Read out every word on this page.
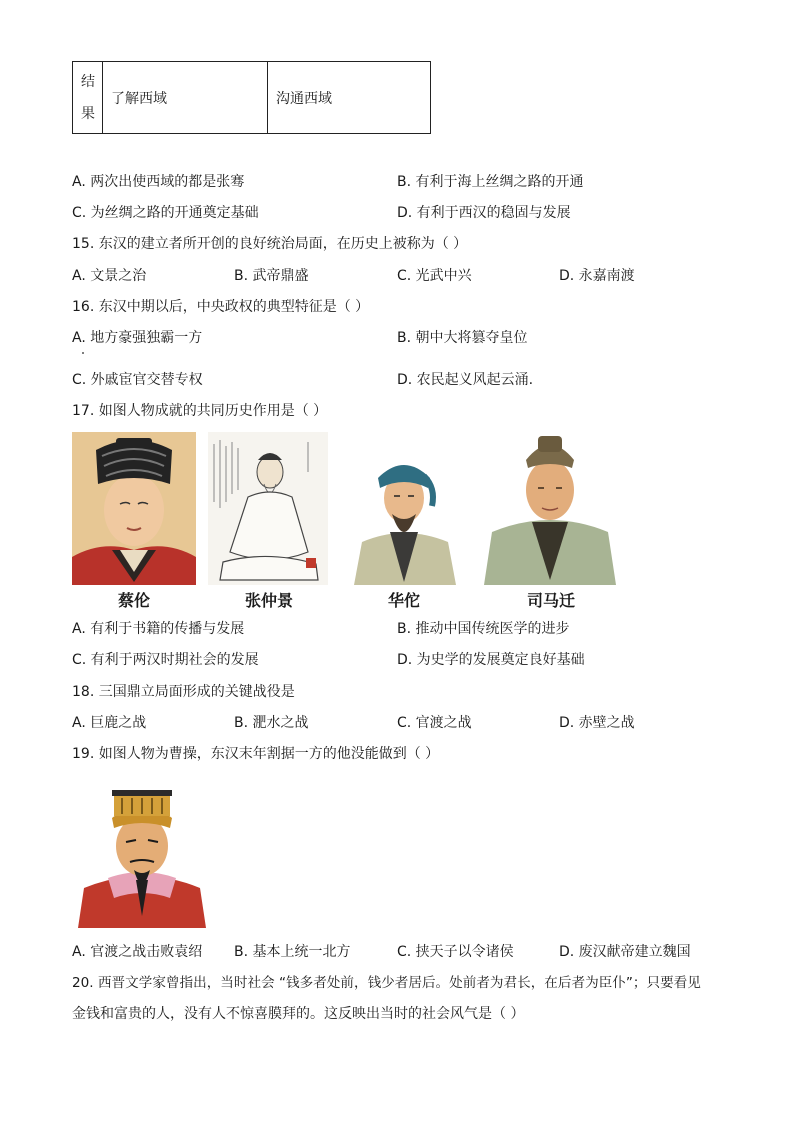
结
果
了解西域	沟通西域
A. 两次出使西域的都是张骞	B. 有利于海上丝绸之路的开通
C. 为丝绸之路的开通奠定基础	D. 有利于西汉的稳固与发展
15. 东汉的建立者所开创的良好统治局面，在历史上被称为（ ）
A. 文景之治	B. 武帝鼎盛	C. 光武中兴	D. 永嘉南渡
16. 东汉中期以后，中央政权的典型特征是（ ）
A. 地方豪强独霸一方	B. 朝中大将篡夺皇位
C. 外戚宦官交替专权	D. 农民起义风起云涌.
17. 如图人物成就的共同历史作用是（ ）
蔡伦	张仲景	华佗	司马迁
A. 有利于书籍的传播与发展	B. 推动中国传统医学的进步
C. 有利于两汉时期社会的发展	D. 为史学的发展奠定良好基础
18. 三国鼎立局面形成的关键战役是
A. 巨鹿之战	B. 淝水之战	C. 官渡之战	D. 赤壁之战
19. 如图人物为曹操，东汉末年割据一方的他没能做到（ ）
A. 官渡之战击败袁绍 B. 基本上统一北方	C. 挟天子以令诸侯	D. 废汉献帝建立魏国
20. 西晋文学家曾指出，当时社会 “钱多者处前，钱少者居后。处前者为君长，在后者为臣仆”；只要看见
金钱和富贵的人，没有人不惊喜膜拜的。这反映出当时的社会风气是（ ）
